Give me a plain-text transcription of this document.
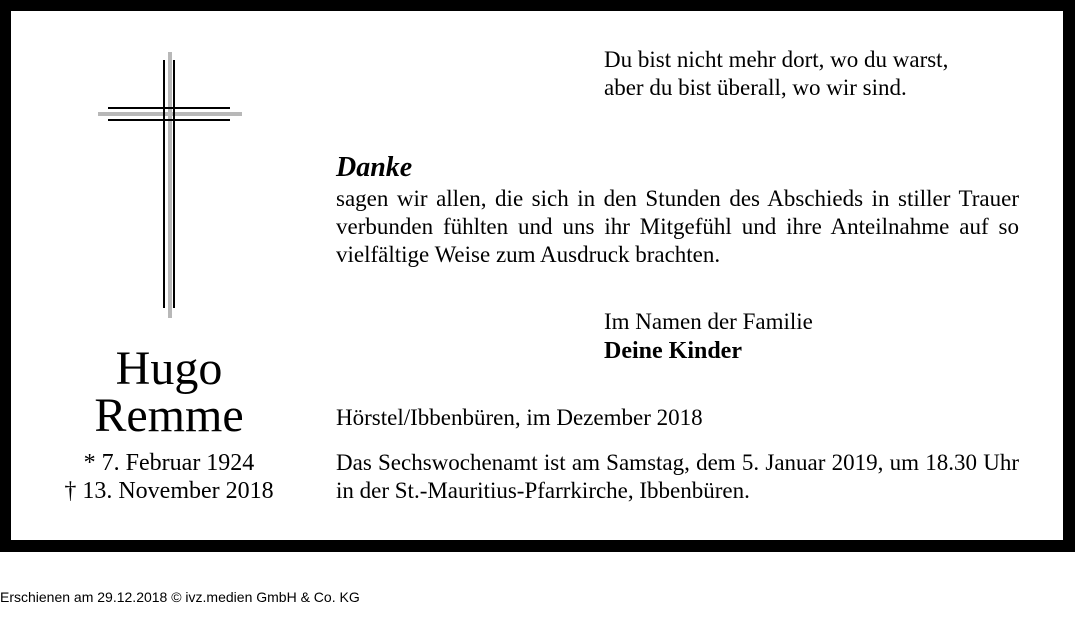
Hugo
Remme
* 7. Februar 1924
† 13. November 2018
Du bist nicht mehr dort, wo du warst,
aber du bist überall, wo wir sind.
Danke
sagen wir allen, die sich in den Stunden des Abschieds in stiller Trauer verbunden fühlten und uns ihr Mitgefühl und ihre Anteilnahme auf so vielfältige Weise zum Ausdruck brachten.
Im Namen der Familie
Deine Kinder
Hörstel/Ibbenbüren, im Dezember 2018
Das Sechswochenamt ist am Samstag, dem 5. Januar 2019, um 18.30 Uhr in der St.-Mauritius-Pfarrkirche, Ibbenbüren.
Erschienen am 29.12.2018 © ivz.medien GmbH & Co. KG
